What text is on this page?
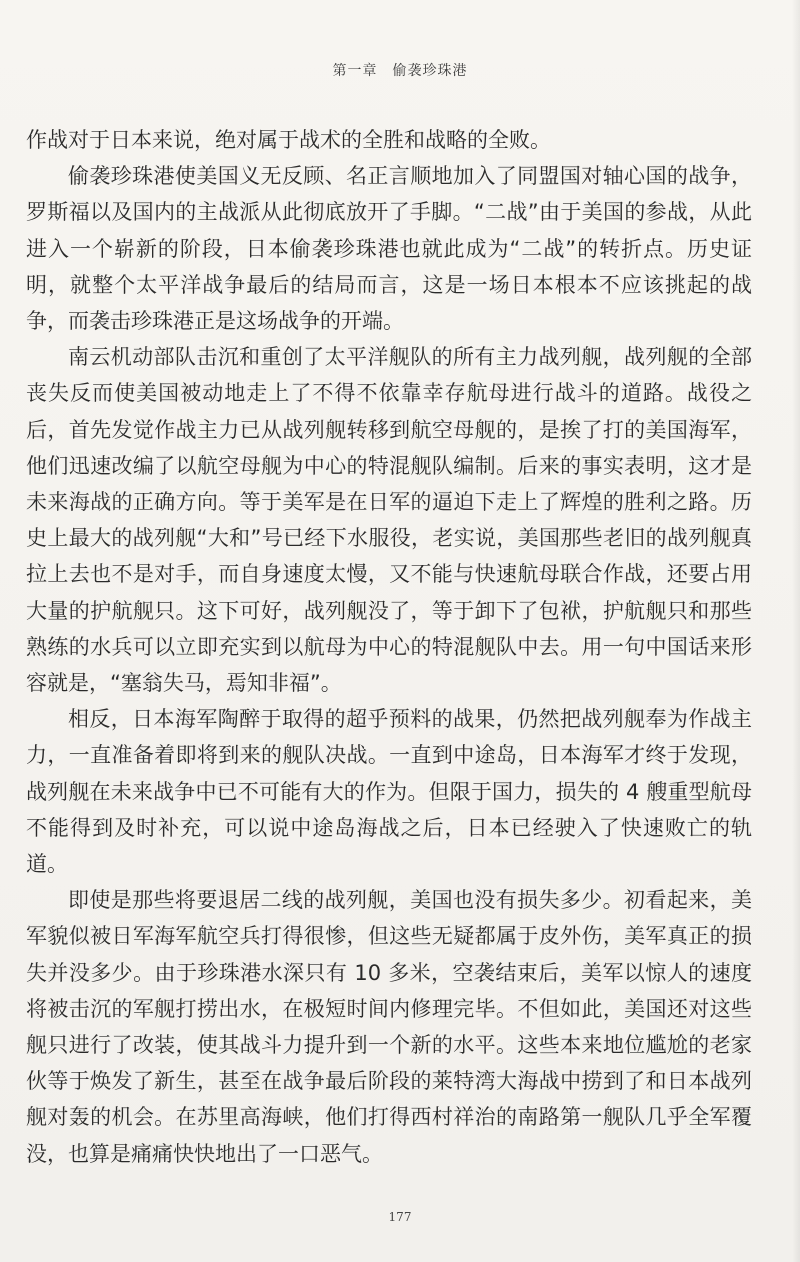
第一章　偷袭珍珠港

作战对于日本来说，绝对属于战术的全胜和战略的全败。

偷袭珍珠港使美国义无反顾、名正言顺地加入了同盟国对轴心国的战争，罗斯福以及国内的主战派从此彻底放开了手脚。“二战”由于美国的参战，从此进入一个崭新的阶段，日本偷袭珍珠港也就此成为“二战”的转折点。历史证明，就整个太平洋战争最后的结局而言，这是一场日本根本不应该挑起的战争，而袭击珍珠港正是这场战争的开端。

南云机动部队击沉和重创了太平洋舰队的所有主力战列舰，战列舰的全部丧失反而使美国被动地走上了不得不依靠幸存航母进行战斗的道路。战役之后，首先发觉作战主力已从战列舰转移到航空母舰的，是挨了打的美国海军，他们迅速改编了以航空母舰为中心的特混舰队编制。后来的事实表明，这才是未来海战的正确方向。等于美军是在日军的逼迫下走上了辉煌的胜利之路。历史上最大的战列舰“大和”号已经下水服役，老实说，美国那些老旧的战列舰真拉上去也不是对手，而自身速度太慢，又不能与快速航母联合作战，还要占用大量的护航舰只。这下可好，战列舰没了，等于卸下了包袱，护航舰只和那些熟练的水兵可以立即充实到以航母为中心的特混舰队中去。用一句中国话来形容就是，“塞翁失马，焉知非福”。

相反，日本海军陶醉于取得的超乎预料的战果，仍然把战列舰奉为作战主力，一直准备着即将到来的舰队决战。一直到中途岛，日本海军才终于发现，战列舰在未来战争中已不可能有大的作为。但限于国力，损失的 4 艘重型航母不能得到及时补充，可以说中途岛海战之后，日本已经驶入了快速败亡的轨道。

即使是那些将要退居二线的战列舰，美国也没有损失多少。初看起来，美军貌似被日军海军航空兵打得很惨，但这些无疑都属于皮外伤，美军真正的损失并没多少。由于珍珠港水深只有 10 多米，空袭结束后，美军以惊人的速度将被击沉的军舰打捞出水，在极短时间内修理完毕。不但如此，美国还对这些舰只进行了改装，使其战斗力提升到一个新的水平。这些本来地位尴尬的老家伙等于焕发了新生，甚至在战争最后阶段的莱特湾大海战中捞到了和日本战列舰对轰的机会。在苏里高海峡，他们打得西村祥治的南路第一舰队几乎全军覆没，也算是痛痛快快地出了一口恶气。

177
